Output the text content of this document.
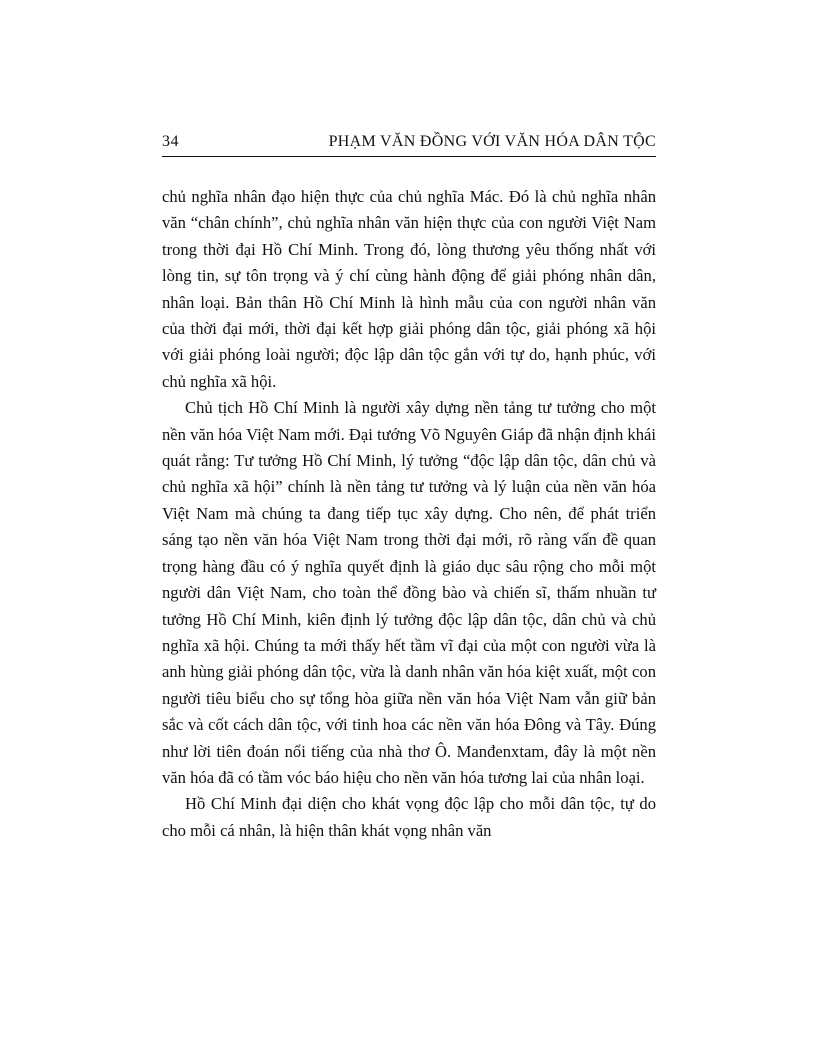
34	PHẠM VĂN ĐỒNG VỚI VĂN HÓA DÂN TỘC

chủ nghĩa nhân đạo hiện thực của chủ nghĩa Mác. Đó là chủ nghĩa nhân văn “chân chính”, chủ nghĩa nhân văn hiện thực của con người Việt Nam trong thời đại Hồ Chí Minh. Trong đó, lòng thương yêu thống nhất với lòng tin, sự tôn trọng và ý chí cùng hành động để giải phóng nhân dân, nhân loại. Bản thân Hồ Chí Minh là hình mẫu của con người nhân văn của thời đại mới, thời đại kết hợp giải phóng dân tộc, giải phóng xã hội với giải phóng loài người; độc lập dân tộc gắn với tự do, hạnh phúc, với chủ nghĩa xã hội.

Chủ tịch Hồ Chí Minh là người xây dựng nền tảng tư tưởng cho một nền văn hóa Việt Nam mới. Đại tướng Võ Nguyên Giáp đã nhận định khái quát rằng: Tư tưởng Hồ Chí Minh, lý tưởng “độc lập dân tộc, dân chủ và chủ nghĩa xã hội” chính là nền tảng tư tưởng và lý luận của nền văn hóa Việt Nam mà chúng ta đang tiếp tục xây dựng. Cho nên, để phát triển sáng tạo nền văn hóa Việt Nam trong thời đại mới, rõ ràng vấn đề quan trọng hàng đầu có ý nghĩa quyết định là giáo dục sâu rộng cho mỗi một người dân Việt Nam, cho toàn thể đồng bào và chiến sĩ, thấm nhuần tư tưởng Hồ Chí Minh, kiên định lý tưởng độc lập dân tộc, dân chủ và chủ nghĩa xã hội. Chúng ta mới thấy hết tầm vĩ đại của một con người vừa là anh hùng giải phóng dân tộc, vừa là danh nhân văn hóa kiệt xuất, một con người tiêu biểu cho sự tổng hòa giữa nền văn hóa Việt Nam vẫn giữ bản sắc và cốt cách dân tộc, với tinh hoa các nền văn hóa Đông và Tây. Đúng như lời tiên đoán nổi tiếng của nhà thơ Ô. Manđenxtam, đây là một nền văn hóa đã có tầm vóc báo hiệu cho nền văn hóa tương lai của nhân loại.

Hồ Chí Minh đại diện cho khát vọng độc lập cho mỗi dân tộc, tự do cho mỗi cá nhân, là hiện thân khát vọng nhân văn
